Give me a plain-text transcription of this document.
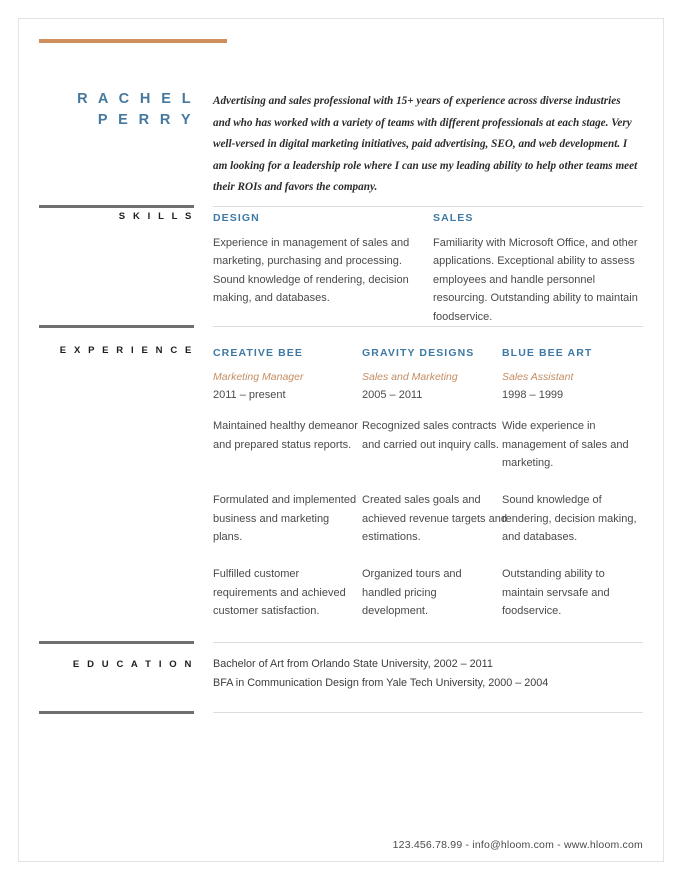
R A C H E L
P E R R Y
Advertising and sales professional with 15+ years of experience across diverse industries and who has worked with a variety of teams with different professionals at each stage. Very well-versed in digital marketing initiatives, paid advertising, SEO, and web development. I am looking for a leadership role where I can use my leading ability to help other teams meet their ROIs and favors the company.
S K I L L S DESIGN
Experience in management of sales and marketing, purchasing and processing. Sound knowledge of rendering, decision making, and databases.
SALES
Familiarity with Microsoft Office, and other applications. Exceptional ability to assess employees and handle personnel resourcing. Outstanding ability to maintain foodservice.
E X P E R I E N C E CREATIVE BEE
Marketing Manager
2011 – present
GRAVITY DESIGNS
Sales and Marketing
2005 – 2011
BLUE BEE ART
Sales Assistant
1998 – 1999
Maintained healthy demeanor and prepared status reports.
Recognized sales contracts and carried out inquiry calls.
Wide experience in management of sales and marketing.
Formulated and implemented business and marketing plans.
Created sales goals and achieved revenue targets and estimations.
Sound knowledge of rendering, decision making, and databases.
Fulfilled customer requirements and achieved customer satisfaction.
Organized tours and handled pricing development.
Outstanding ability to maintain servsafe and foodservice.
E D U C A T I O N Bachelor of Art from Orlando State University, 2002 – 2011
BFA in Communication Design from Yale Tech University, 2000 – 2004
123.456.78.99 - info@hloom.com - www.hloom.com
